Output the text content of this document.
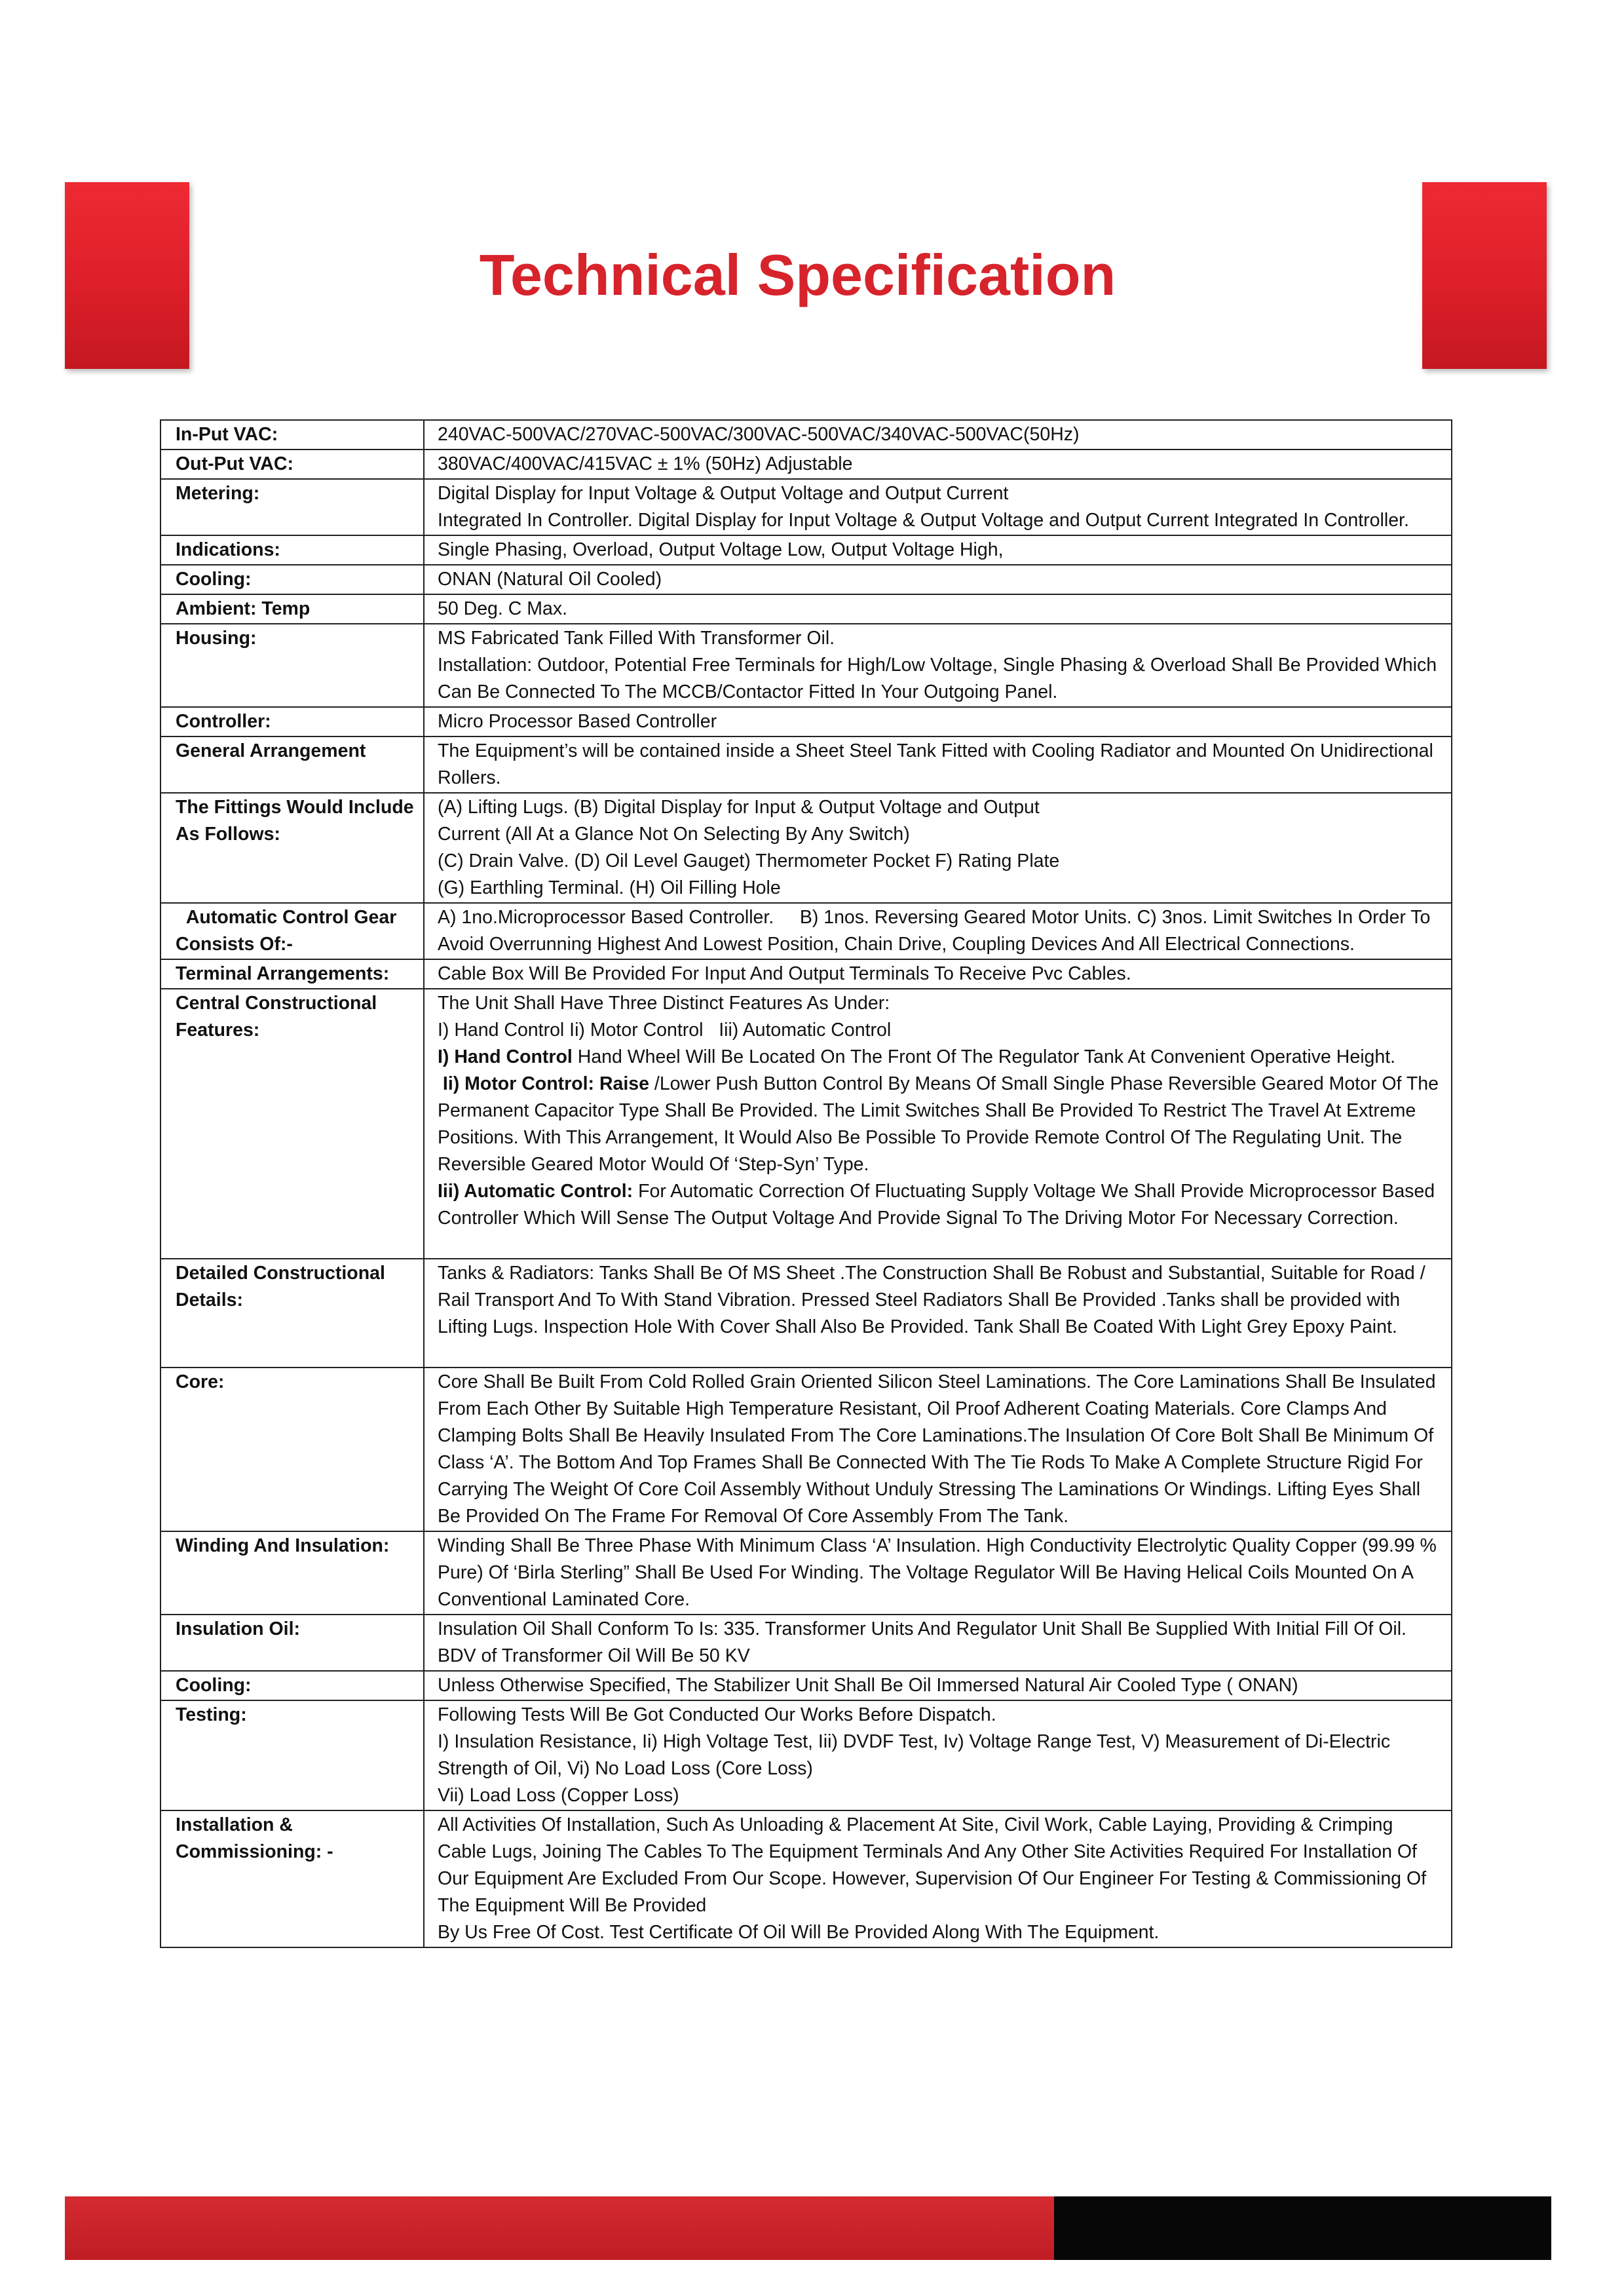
Technical Specification
In-Put VAC:	240VAC-500VAC/270VAC-500VAC/300VAC-500VAC/340VAC-500VAC(50Hz)

Out-Put VAC:	380VAC/400VAC/415VAC ± 1% (50Hz) Adjustable

Metering:	Digital Display for Input Voltage & Output Voltage and Output Current
Integrated In Controller. Digital Display for Input Voltage & Output Voltage and Output Current Integrated In Controller.

Indications:	Single Phasing, Overload, Output Voltage Low, Output Voltage High,

Cooling:	ONAN (Natural Oil Cooled)

Ambient: Temp	50 Deg. C Max.

Housing:	MS Fabricated Tank Filled With Transformer Oil.
Installation: Outdoor, Potential Free Terminals for High/Low Voltage, Single Phasing & Overload Shall Be Provided Which Can Be Connected To The MCCB/Contactor Fitted In Your Outgoing Panel.

Controller:	Micro Processor Based Controller

General Arrangement	The Equipment’s will be contained inside a Sheet Steel Tank Fitted with Cooling Radiator and Mounted On Unidirectional Rollers.

The Fittings Would Include As Follows:	(A) Lifting Lugs. (B) Digital Display for Input & Output Voltage and Output
Current (All At a Glance Not On Selecting By Any Switch)
(C) Drain Valve. (D) Oil Level Gauget) Thermometer Pocket F) Rating Plate
(G) Earthling Terminal. (H) Oil Filling Hole

Automatic Control Gear Consists Of:-	A) 1no.Microprocessor Based Controller.     B) 1nos. Reversing Geared Motor Units. C) 3nos. Limit Switches In Order To Avoid Overrunning Highest And Lowest Position, Chain Drive, Coupling Devices And All Electrical Connections.

Terminal Arrangements:	Cable Box Will Be Provided For Input And Output Terminals To Receive Pvc Cables.

Central Constructional Features:	The Unit Shall Have Three Distinct Features As Under:
I) Hand Control Ii) Motor Control   Iii) Automatic Control
I) Hand Control Hand Wheel Will Be Located On The Front Of The Regulator Tank At Convenient Operative Height.
Ii) Motor Control: Raise /Lower Push Button Control By Means Of Small Single Phase Reversible Geared Motor Of The Permanent Capacitor Type Shall Be Provided. The Limit Switches Shall Be Provided To Restrict The Travel At Extreme Positions. With This Arrangement, It Would Also Be Possible To Provide Remote Control Of The Regulating Unit. The Reversible Geared Motor Would Of ‘Step-Syn’ Type.
Iii) Automatic Control: For Automatic Correction Of Fluctuating Supply Voltage We Shall Provide Microprocessor Based Controller Which Will Sense The Output Voltage And Provide Signal To The Driving Motor For Necessary Correction.

Detailed Constructional Details:	Tanks & Radiators: Tanks Shall Be Of MS Sheet .The Construction Shall Be Robust and Substantial, Suitable for Road / Rail Transport And To With Stand Vibration. Pressed Steel Radiators Shall Be Provided .Tanks shall be provided with Lifting Lugs. Inspection Hole With Cover Shall Also Be Provided. Tank Shall Be Coated With Light Grey Epoxy Paint.

Core:	Core Shall Be Built From Cold Rolled Grain Oriented Silicon Steel Laminations. The Core Laminations Shall Be Insulated From Each Other By Suitable High Temperature Resistant, Oil Proof Adherent Coating Materials. Core Clamps And Clamping Bolts Shall Be Heavily Insulated From The Core Laminations.The Insulation Of Core Bolt Shall Be Minimum Of Class ‘A’. The Bottom And Top Frames Shall Be Connected With The Tie Rods To Make A Complete Structure Rigid For Carrying The Weight Of Core Coil Assembly Without Unduly Stressing The Laminations Or Windings. Lifting Eyes Shall Be Provided On The Frame For Removal Of Core Assembly From The Tank.

Winding And Insulation:	Winding Shall Be Three Phase With Minimum Class ‘A’ Insulation. High Conductivity Electrolytic Quality Copper (99.99 % Pure) Of ‘Birla Sterling” Shall Be Used For Winding. The Voltage Regulator Will Be Having Helical Coils Mounted On A Conventional Laminated Core.

Insulation Oil:	Insulation Oil Shall Conform To Is: 335. Transformer Units And Regulator Unit Shall Be Supplied With Initial Fill Of Oil. BDV of Transformer Oil Will Be 50 KV

Cooling:	Unless Otherwise Specified, The Stabilizer Unit Shall Be Oil Immersed Natural Air Cooled Type ( ONAN)

Testing:	Following Tests Will Be Got Conducted Our Works Before Dispatch.
I) Insulation Resistance, Ii) High Voltage Test, Iii) DVDF Test, Iv) Voltage Range Test, V) Measurement of Di-Electric Strength of Oil, Vi) No Load Loss (Core Loss)
Vii) Load Loss (Copper Loss)

Installation & Commissioning: -	All Activities Of Installation, Such As Unloading & Placement At Site, Civil Work, Cable Laying, Providing & Crimping Cable Lugs, Joining The Cables To The Equipment Terminals And Any Other Site Activities Required For Installation Of Our Equipment Are Excluded From Our Scope. However, Supervision Of Our Engineer For Testing & Commissioning Of The Equipment Will Be Provided
By Us Free Of Cost. Test Certificate Of Oil Will Be Provided Along With The Equipment.
